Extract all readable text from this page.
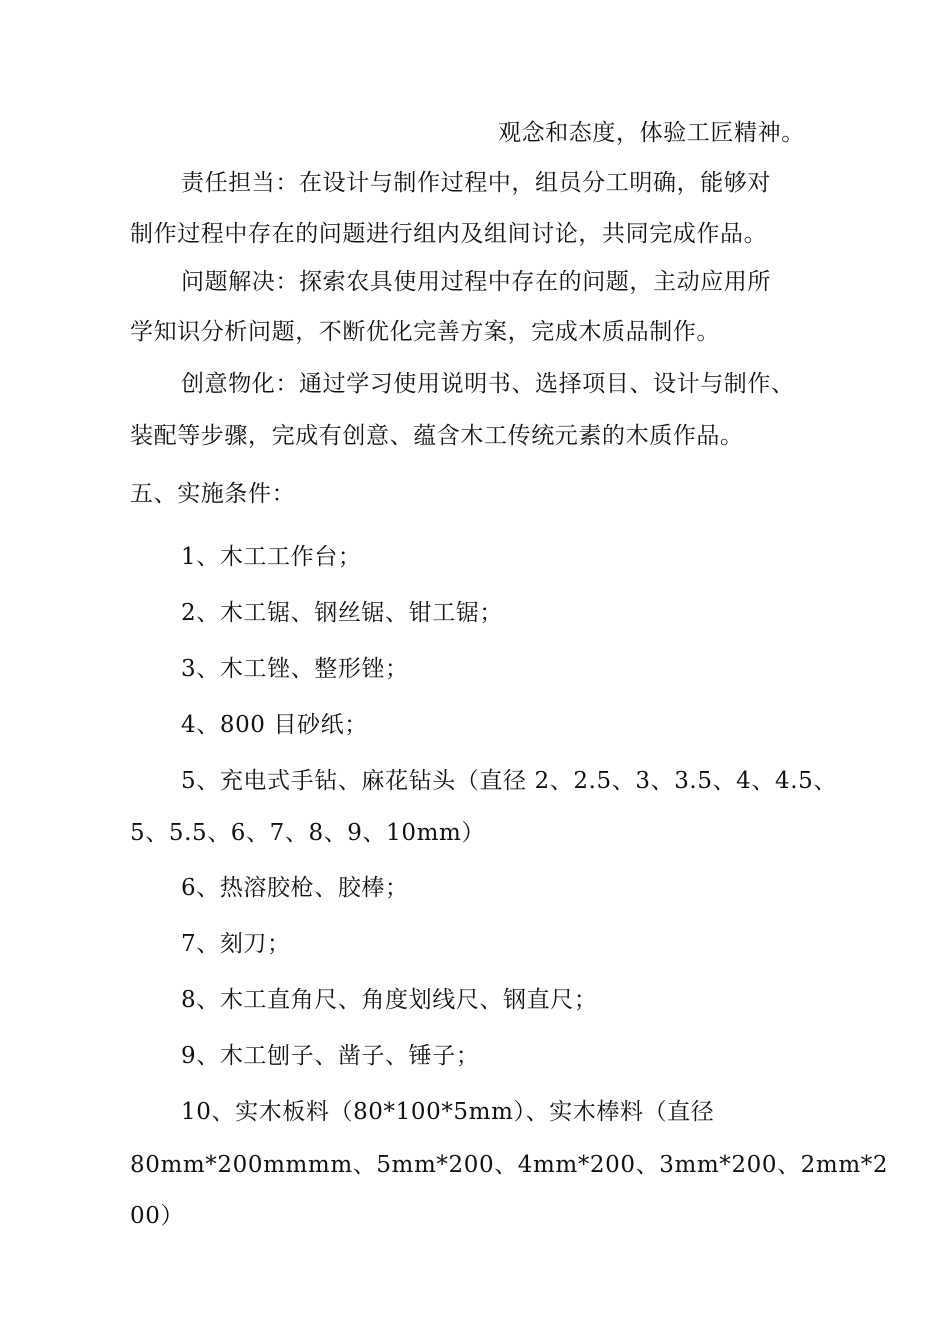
观念和态度，体验工匠精神。
责任担当：在设计与制作过程中，组员分工明确，能够对
制作过程中存在的问题进行组内及组间讨论，共同完成作品。
问题解决：探索农具使用过程中存在的问题，主动应用所
学知识分析问题，不断优化完善方案，完成木质品制作。
创意物化：通过学习使用说明书、选择项目、设计与制作、
装配等步骤，完成有创意、蕴含木工传统元素的木质作品。
五、实施条件：
1、木工工作台；
2、木工锯、钢丝锯、钳工锯；
3、木工锉、整形锉；
4、800 目砂纸；
5、充电式手钻、麻花钻头（直径 2、2.5、3、3.5、4、4.5、
5、5.5、6、7、8、9、10mm）
6、热溶胶枪、胶棒；
7、刻刀；
8、木工直角尺、角度划线尺、钢直尺；
9、木工刨子、凿子、锤子；
10、实木板料（80*100*5mm）、实木棒料（直径
80mm*200mmmm、5mm*200、4mm*200、3mm*200、2mm*2
00）
